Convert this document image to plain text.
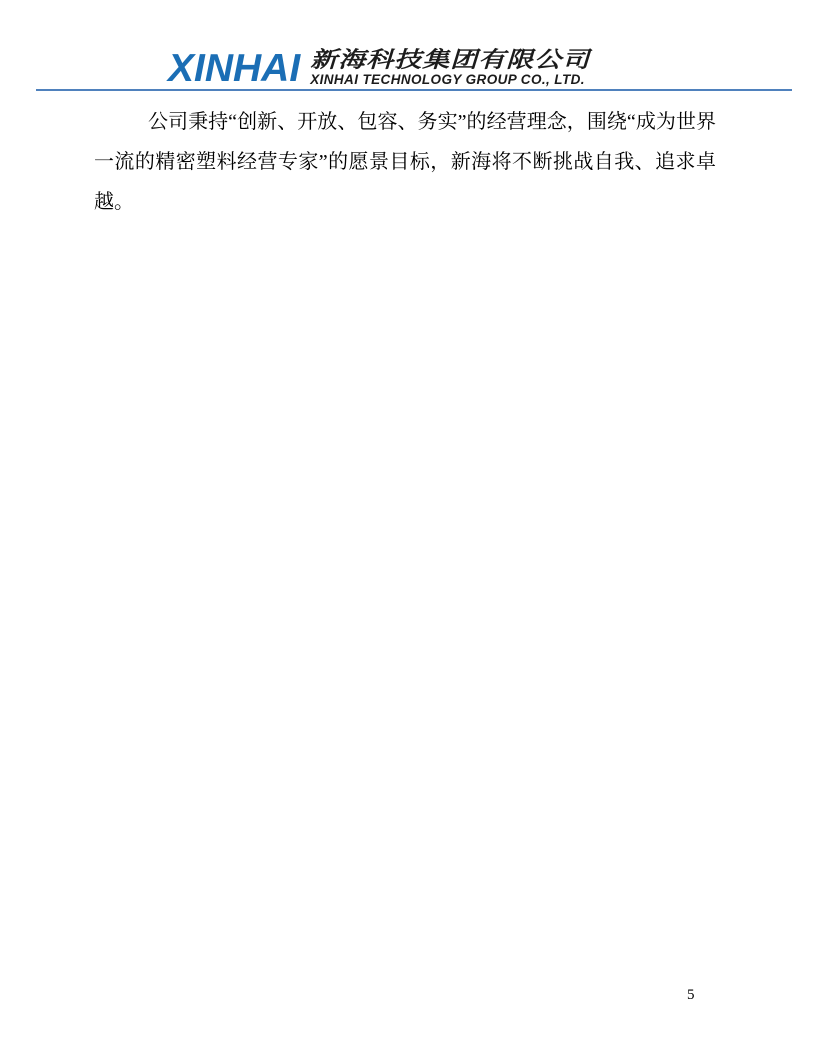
XINHAI 新海科技集团有限公司
XINHAI TECHNOLOGY GROUP CO., LTD.

公司秉持“创新、开放、包容、务实”的经营理念，围绕“成为世界一流的精密塑料经营专家”的愿景目标，新海将不断挑战自我、追求卓越。

5
